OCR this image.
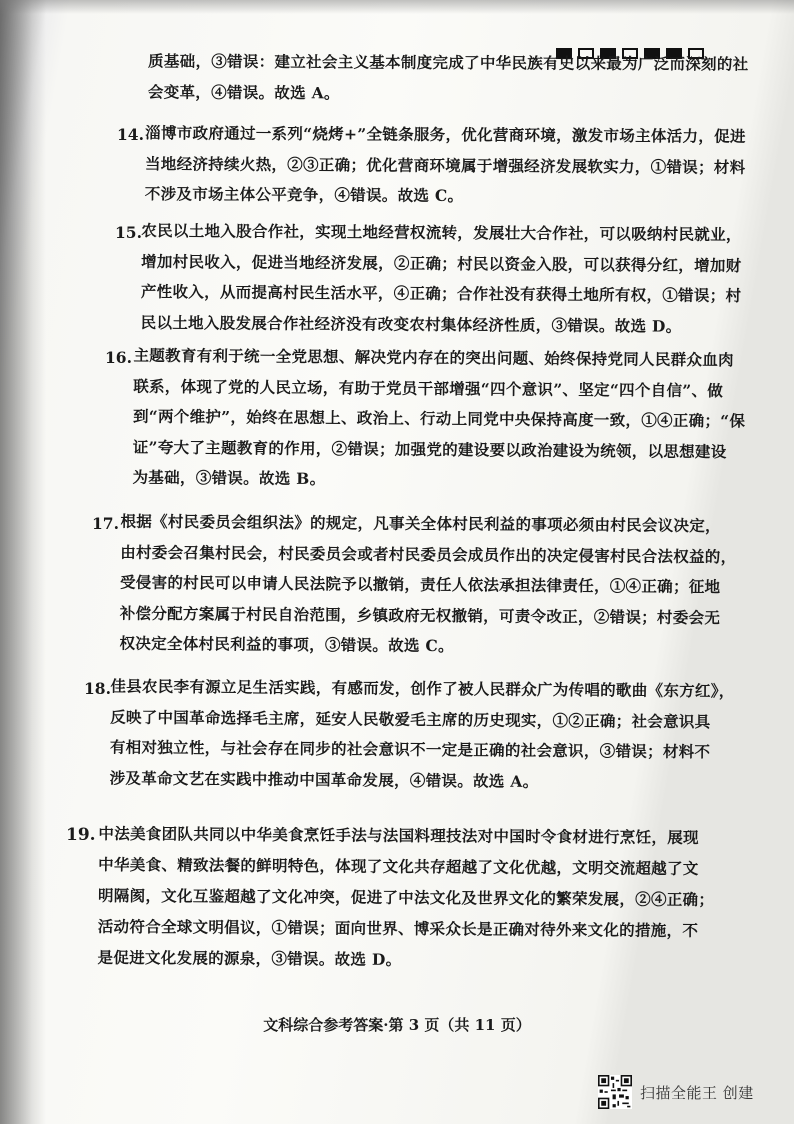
质基础，③错误：建立社会主义基本制度完成了中华民族有史以来最为广泛而深刻的社
会变革，④错误。故选 A。
14. 淄博市政府通过一系列“烧烤+”全链条服务，优化营商环境，激发市场主体活力，促进
当地经济持续火热，②③正确；优化营商环境属于增强经济发展软实力，①错误；材料
不涉及市场主体公平竞争，④错误。故选 C。
15. 农民以土地入股合作社，实现土地经营权流转，发展壮大合作社，可以吸纳村民就业，
增加村民收入，促进当地经济发展，②正确；村民以资金入股，可以获得分红，增加财
产性收入，从而提高村民生活水平，④正确；合作社没有获得土地所有权，①错误；村
民以土地入股发展合作社经济没有改变农村集体经济性质，③错误。故选 D。
16. 主题教育有利于统一全党思想、解决党内存在的突出问题、始终保持党同人民群众血肉
联系，体现了党的人民立场，有助于党员干部增强“四个意识”、坚定“四个自信”、做
到“两个维护”，始终在思想上、政治上、行动上同党中央保持高度一致，①④正确；“保
证”夸大了主题教育的作用，②错误；加强党的建设要以政治建设为统领，以思想建设
为基础，③错误。故选 B。
17. 根据《村民委员会组织法》的规定，凡事关全体村民利益的事项必须由村民会议决定，
由村委会召集村民会，村民委员会或者村民委员会成员作出的决定侵害村民合法权益的，
受侵害的村民可以申请人民法院予以撤销，责任人依法承担法律责任，①④正确；征地
补偿分配方案属于村民自治范围，乡镇政府无权撤销，可责令改正，②错误；村委会无
权决定全体村民利益的事项，③错误。故选 C。
18. 佳县农民李有源立足生活实践，有感而发，创作了被人民群众广为传唱的歌曲《东方红》，
反映了中国革命选择毛主席，延安人民敬爱毛主席的历史现实，①②正确；社会意识具
有相对独立性，与社会存在同步的社会意识不一定是正确的社会意识，③错误；材料不
涉及革命文艺在实践中推动中国革命发展，④错误。故选 A。
19. 中法美食团队共同以中华美食烹饪手法与法国料理技法对中国时令食材进行烹饪，展现
中华美食、精致法餐的鲜明特色，体现了文化共存超越了文化优越，文明交流超越了文
明隔阂，文化互鉴超越了文化冲突，促进了中法文化及世界文化的繁荣发展，②④正确；
活动符合全球文明倡议，①错误；面向世界、博采众长是正确对待外来文化的措施，不
是促进文化发展的源泉，③错误。故选 D。
文科综合参考答案·第 3 页（共 11 页）
扫描全能王 创建
